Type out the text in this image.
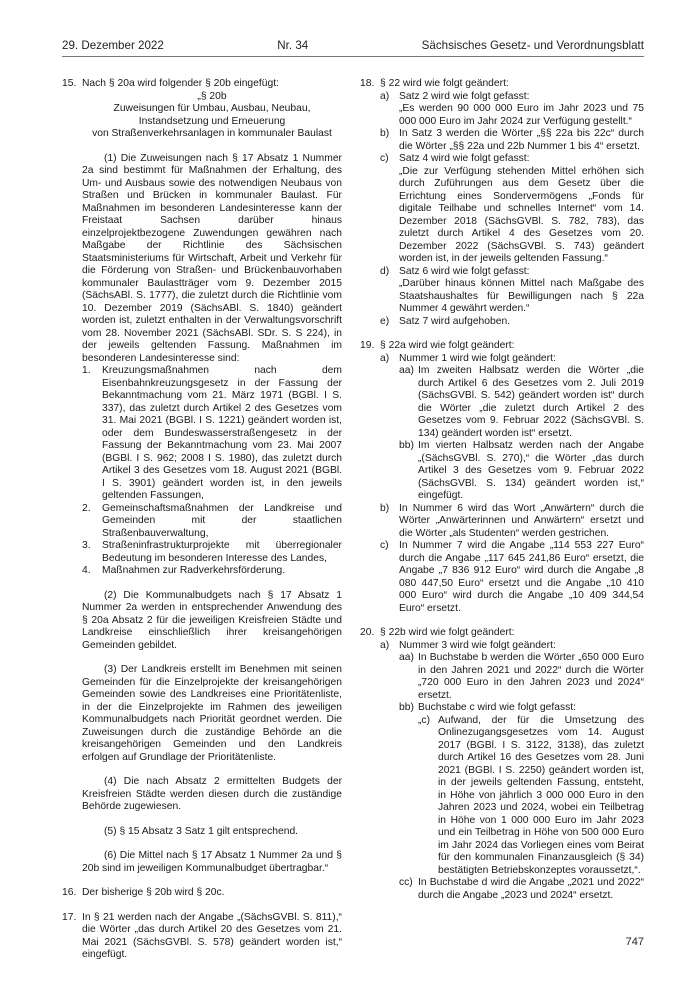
29. Dezember 2022	Nr. 34	Sächsisches Gesetz- und Verordnungsblatt
15. Nach § 20a wird folgender § 20b eingefügt:
„§ 20b
Zuweisungen für Umbau, Ausbau, Neubau,
Instandsetzung und Erneuerung
von Straßenverkehrsanlagen in kommunaler Baulast
(1) Die Zuweisungen nach § 17 Absatz 1 Nummer 2a sind bestimmt für Maßnahmen der Erhaltung, des Um- und Ausbaus sowie des notwendigen Neubaus von Straßen und Brücken in kommunaler Baulast. Für Maßnahmen im besonderen Landesinteresse kann der Freistaat Sachsen darüber hinaus einzelprojektbezogene Zuwendungen gewähren nach Maßgabe der Richtlinie des Sächsischen Staatsministeriums für Wirtschaft, Arbeit und Verkehr für die Förderung von Straßen- und Brückenbauvorhaben kommunaler Baulastträger vom 9. Dezember 2015 (SächsABl. S. 1777), die zuletzt durch die Richtlinie vom 10. Dezember 2019 (SächsABl. S. 1840) geändert worden ist, zuletzt enthalten in der Verwaltungsvorschrift vom 28. November 2021 (SächsABl. SDr. S. S 224), in der jeweils geltenden Fassung. Maßnahmen im besonderen Landesinteresse sind:
1. Kreuzungsmaßnahmen nach dem Eisenbahnkreuzungsgesetz in der Fassung der Bekanntmachung vom 21. März 1971 (BGBl. I S. 337), das zuletzt durch Artikel 2 des Gesetzes vom 31. Mai 2021 (BGBl. I S. 1221) geändert worden ist, oder dem Bundeswasserstraßengesetz in der Fassung der Bekanntmachung vom 23. Mai 2007 (BGBl. I S. 962; 2008 I S. 1980), das zuletzt durch Artikel 3 des Gesetzes vom 18. August 2021 (BGBl. I S. 3901) geändert worden ist, in den jeweils geltenden Fassungen,
2. Gemeinschaftsmaßnahmen der Landkreise und Gemeinden mit der staatlichen Straßenbauverwaltung,
3. Straßeninfrastrukturprojekte mit überregionaler Bedeutung im besonderen Interesse des Landes,
4. Maßnahmen zur Radverkehrsförderung.
(2) Die Kommunalbudgets nach § 17 Absatz 1 Nummer 2a werden in entsprechender Anwendung des § 20a Absatz 2 für die jeweiligen Kreisfreien Städte und Landkreise einschließlich ihrer kreisangehörigen Gemeinden gebildet.
(3) Der Landkreis erstellt im Benehmen mit seinen Gemeinden für die Einzelprojekte der kreisangehörigen Gemeinden sowie des Landkreises eine Prioritätenliste, in der die Einzelprojekte im Rahmen des jeweiligen Kommunalbudgets nach Priorität geordnet werden. Die Zuweisungen durch die zuständige Behörde an die kreisangehörigen Gemeinden und den Landkreis erfolgen auf Grundlage der Prioritätenliste.
(4) Die nach Absatz 2 ermittelten Budgets der Kreisfreien Städte werden diesen durch die zuständige Behörde zugewiesen.
(5) § 15 Absatz 3 Satz 1 gilt entsprechend.
(6) Die Mittel nach § 17 Absatz 1 Nummer 2a und § 20b sind im jeweiligen Kommunalbudget übertragbar.“
16. Der bisherige § 20b wird § 20c.
17. In § 21 werden nach der Angabe „(SächsGVBl. S. 811),“ die Wörter „das durch Artikel 20 des Gesetzes vom 21. Mai 2021 (SächsGVBl. S. 578) geändert worden ist,“ eingefügt.
18. § 22 wird wie folgt geändert:
a) Satz 2 wird wie folgt gefasst:
„Es werden 90 000 000 Euro im Jahr 2023 und 75 000 000 Euro im Jahr 2024 zur Verfügung gestellt.“
b) In Satz 3 werden die Wörter „§§ 22a bis 22c“ durch die Wörter „§§ 22a und 22b Nummer 1 bis 4“ ersetzt.
c) Satz 4 wird wie folgt gefasst:
„Die zur Verfügung stehenden Mittel erhöhen sich durch Zuführungen aus dem Gesetz über die Errichtung eines Sondervermögens „Fonds für digitale Teilhabe und schnelles Internet“ vom 14. Dezember 2018 (SächsGVBl. S. 782, 783), das zuletzt durch Artikel 4 des Gesetzes vom 20. Dezember 2022 (SächsGVBl. S. 743) geändert worden ist, in der jeweils geltenden Fassung.“
d) Satz 6 wird wie folgt gefasst:
„Darüber hinaus können Mittel nach Maßgabe des Staatshaushaltes für Bewilligungen nach § 22a Nummer 4 gewährt werden.“
e) Satz 7 wird aufgehoben.
19. § 22a wird wie folgt geändert:
a) Nummer 1 wird wie folgt geändert:
aa) Im zweiten Halbsatz werden die Wörter „die durch Artikel 6 des Gesetzes vom 2. Juli 2019 (SächsGVBl. S. 542) geändert worden ist“ durch die Wörter „die zuletzt durch Artikel 2 des Gesetzes vom 9. Februar 2022 (SächsGVBl. S. 134) geändert worden ist“ ersetzt.
bb) Im vierten Halbsatz werden nach der Angabe „(SächsGVBl. S. 270),“ die Wörter „das durch Artikel 3 des Gesetzes vom 9. Februar 2022 (SächsGVBl. S. 134) geändert worden ist,“ eingefügt.
b) In Nummer 6 wird das Wort „Anwärtern“ durch die Wörter „Anwärterinnen und Anwärtern“ ersetzt und die Wörter „als Studenten“ werden gestrichen.
c) In Nummer 7 wird die Angabe „114 553 227 Euro“ durch die Angabe „117 645 241,86 Euro“ ersetzt, die Angabe „7 836 912 Euro“ wird durch die Angabe „8 080 447,50 Euro“ ersetzt und die Angabe „10 410 000 Euro“ wird durch die Angabe „10 409 344,54 Euro“ ersetzt.
20. § 22b wird wie folgt geändert:
a) Nummer 3 wird wie folgt geändert:
aa) In Buchstabe b werden die Wörter „650 000 Euro in den Jahren 2021 und 2022“ durch die Wörter „720 000 Euro in den Jahren 2023 und 2024“ ersetzt.
bb) Buchstabe c wird wie folgt gefasst:
„c) Aufwand, der für die Umsetzung des Onlinezugangsgesetzes vom 14. August 2017 (BGBl. I S. 3122, 3138), das zuletzt durch Artikel 16 des Gesetzes vom 28. Juni 2021 (BGBl. I S. 2250) geändert worden ist, in der jeweils geltenden Fassung, entsteht, in Höhe von jährlich 3 000 000 Euro in den Jahren 2023 und 2024, wobei ein Teilbetrag in Höhe von 1 000 000 Euro im Jahr 2023 und ein Teilbetrag in Höhe von 500 000 Euro im Jahr 2024 das Vorliegen eines vom Beirat für den kommunalen Finanzausgleich (§ 34) bestätigten Betriebskonzeptes voraussetzt,“.
cc) In Buchstabe d wird die Angabe „2021 und 2022“ durch die Angabe „2023 und 2024“ ersetzt.
747
